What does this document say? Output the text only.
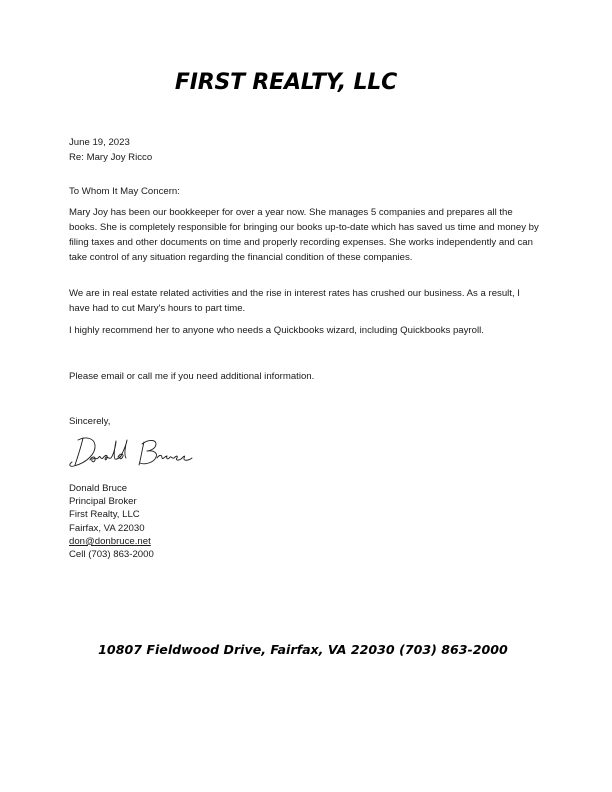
FIRST REALTY, LLC
June 19, 2023
Re: Mary Joy Ricco
To Whom It May Concern:
Mary Joy has been our bookkeeper for over a year now. She manages 5 companies and prepares all the books. She is completely responsible for bringing our books up-to-date which has saved us time and money by filing taxes and other documents on time and properly recording expenses. She works independently and can take control of any situation regarding the financial condition of these companies.
We are in real estate related activities and the rise in interest rates has crushed our business. As a result, I have had to cut Mary's hours to part time.
I highly recommend her to anyone who needs a Quickbooks wizard, including Quickbooks payroll.
Please email or call me if you need additional information.
Sincerely,
Donald Bruce
Principal Broker
First Realty, LLC
Fairfax, VA 22030
don@donbruce.net
Cell (703) 863-2000
10807 Fieldwood Drive, Fairfax, VA 22030 (703) 863-2000
